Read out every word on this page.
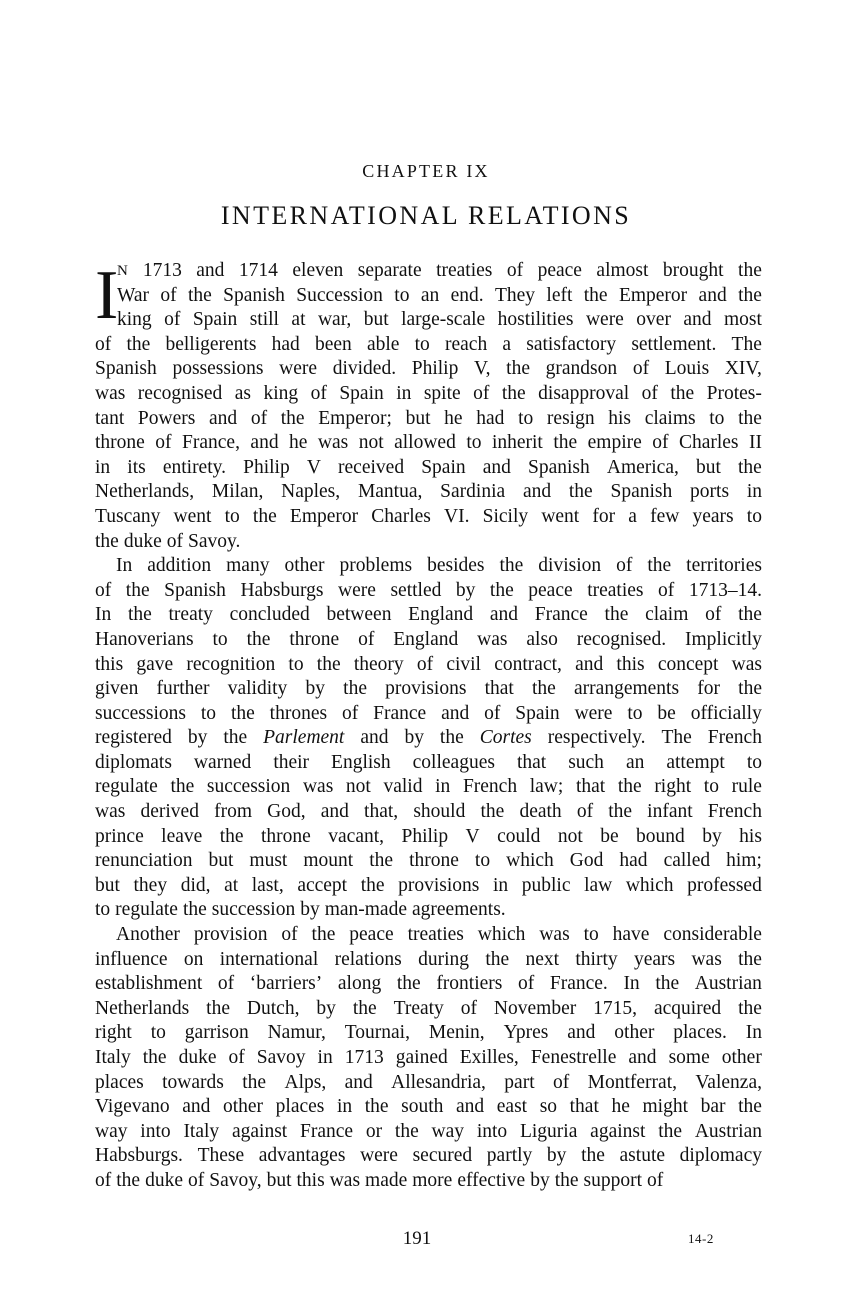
CHAPTER IX
INTERNATIONAL RELATIONS
I
N 1713 and 1714 eleven separate treaties of peace almost brought the
War of the Spanish Succession to an end. They left the Emperor and the
king of Spain still at war, but large-scale hostilities were over and most
of the belligerents had been able to reach a satisfactory settlement. The
Spanish possessions were divided. Philip V, the grandson of Louis XIV,
was recognised as king of Spain in spite of the disapproval of the Protes-
tant Powers and of the Emperor; but he had to resign his claims to the
throne of France, and he was not allowed to inherit the empire of Charles II
in its entirety. Philip V received Spain and Spanish America, but the
Netherlands, Milan, Naples, Mantua, Sardinia and the Spanish ports in
Tuscany went to the Emperor Charles VI. Sicily went for a few years to
the duke of Savoy.
In addition many other problems besides the division of the territories
of the Spanish Habsburgs were settled by the peace treaties of 1713–14.
In the treaty concluded between England and France the claim of the
Hanoverians to the throne of England was also recognised. Implicitly
this gave recognition to the theory of civil contract, and this concept was
given further validity by the provisions that the arrangements for the
successions to the thrones of France and of Spain were to be officially
registered by the Parlement and by the Cortes respectively. The French
diplomats warned their English colleagues that such an attempt to
regulate the succession was not valid in French law; that the right to rule
was derived from God, and that, should the death of the infant French
prince leave the throne vacant, Philip V could not be bound by his
renunciation but must mount the throne to which God had called him;
but they did, at last, accept the provisions in public law which professed
to regulate the succession by man-made agreements.
Another provision of the peace treaties which was to have considerable
influence on international relations during the next thirty years was the
establishment of ‘barriers’ along the frontiers of France. In the Austrian
Netherlands the Dutch, by the Treaty of November 1715, acquired the
right to garrison Namur, Tournai, Menin, Ypres and other places. In
Italy the duke of Savoy in 1713 gained Exilles, Fenestrelle and some other
places towards the Alps, and Allesandria, part of Montferrat, Valenza,
Vigevano and other places in the south and east so that he might bar the
way into Italy against France or the way into Liguria against the Austrian
Habsburgs. These advantages were secured partly by the astute diplomacy
of the duke of Savoy, but this was made more effective by the support of
191	14-2
